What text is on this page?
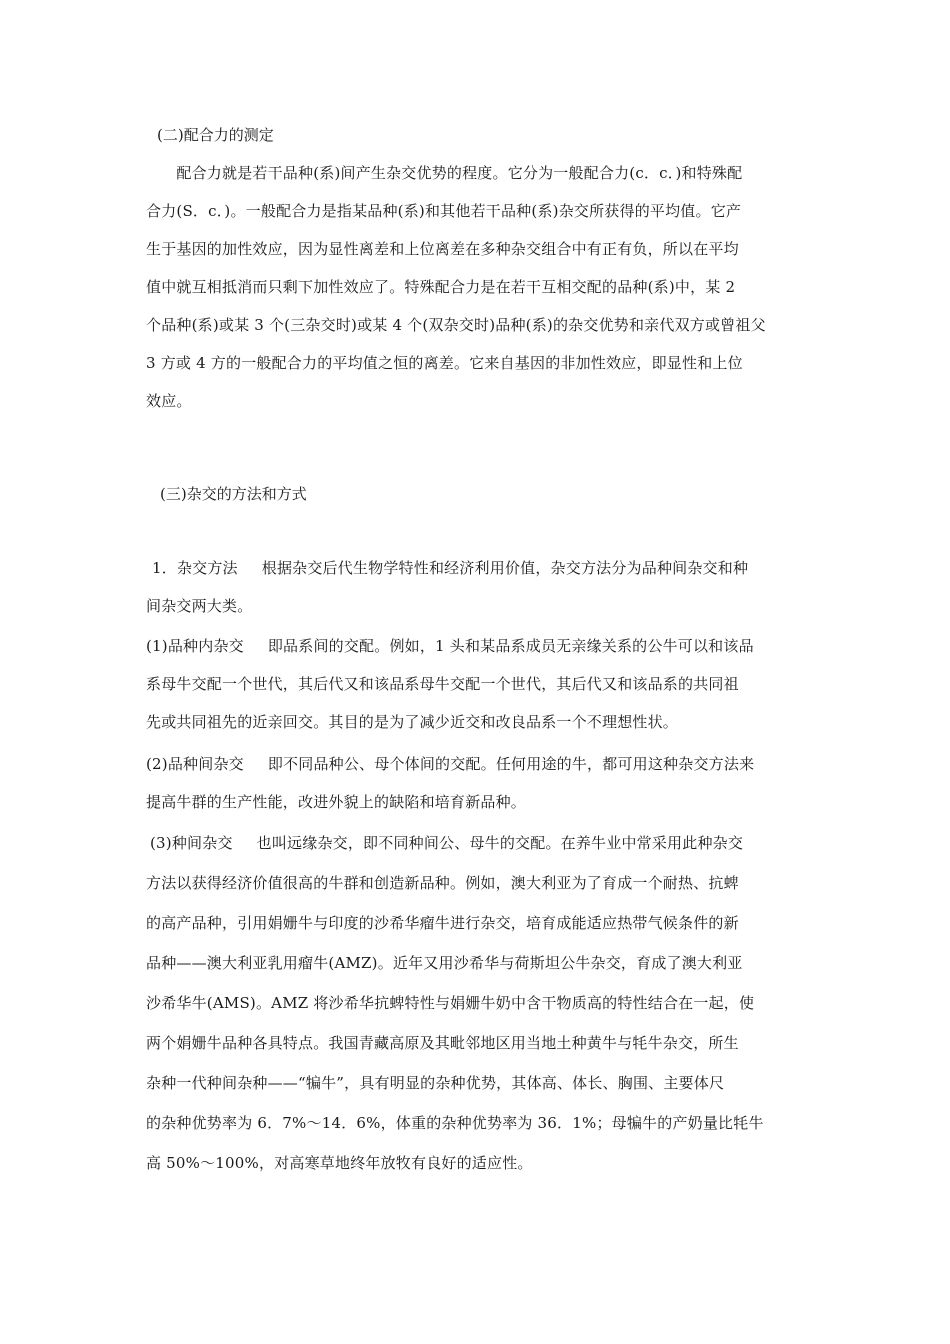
(二)配合力的测定
　　配合力就是若干品种(系)间产生杂交优势的程度。它分为一般配合力(c．c．)和特殊配
合力(S．c．)。一般配合力是指某品种(系)和其他若干品种(系)杂交所获得的平均值。它产
生于基因的加性效应，因为显性离差和上位离差在多种杂交组合中有正有负，所以在平均
值中就互相抵消而只剩下加性效应了。特殊配合力是在若干互相交配的品种(系)中，某 2
个品种(系)或某 3 个(三杂交时)或某 4 个(双杂交时)品种(系)的杂交优势和亲代双方或曾祖父
3 方或 4 方的一般配合力的平均值之恒的离差。它来自基因的非加性效应，即显性和上位
效应。
(三)杂交的方法和方式
1．杂交方法 根据杂交后代生物学特性和经济利用价值，杂交方法分为品种间杂交和种
间杂交两大类。
(1)品种内杂交 即品系间的交配。例如，1 头和某品系成员无亲缘关系的公牛可以和该品
系母牛交配一个世代，其后代又和该品系母牛交配一个世代，其后代又和该品系的共同祖
先或共同祖先的近亲回交。其目的是为了减少近交和改良品系一个不理想性状。
(2)品种间杂交 即不同品种公、母个体间的交配。任何用途的牛，都可用这种杂交方法来
提高牛群的生产性能，改进外貌上的缺陷和培育新品种。
(3)种间杂交 也叫远缘杂交，即不同种间公、母牛的交配。在养牛业中常采用此种杂交
方法以获得经济价值很高的牛群和创造新品种。例如，澳大利亚为了育成一个耐热、抗蜱
的高产品种，引用娟姗牛与印度的沙希华瘤牛进行杂交，培育成能适应热带气候条件的新
品种——澳大利亚乳用瘤牛(AMZ)。近年又用沙希华与荷斯坦公牛杂交，育成了澳大利亚
沙希华牛(AMS)。AMZ 将沙希华抗蜱特性与娟姗牛奶中含干物质高的特性结合在一起，使
两个娟姗牛品种各具特点。我国青藏高原及其毗邻地区用当地土种黄牛与牦牛杂交，所生
杂种一代种间杂种——“犏牛”，具有明显的杂种优势，其体高、体长、胸围、主要体尺
的杂种优势率为 6．7%～14．6%，体重的杂种优势率为 36．1%；母犏牛的产奶量比牦牛
高 50%～100%，对高寒草地终年放牧有良好的适应性。
